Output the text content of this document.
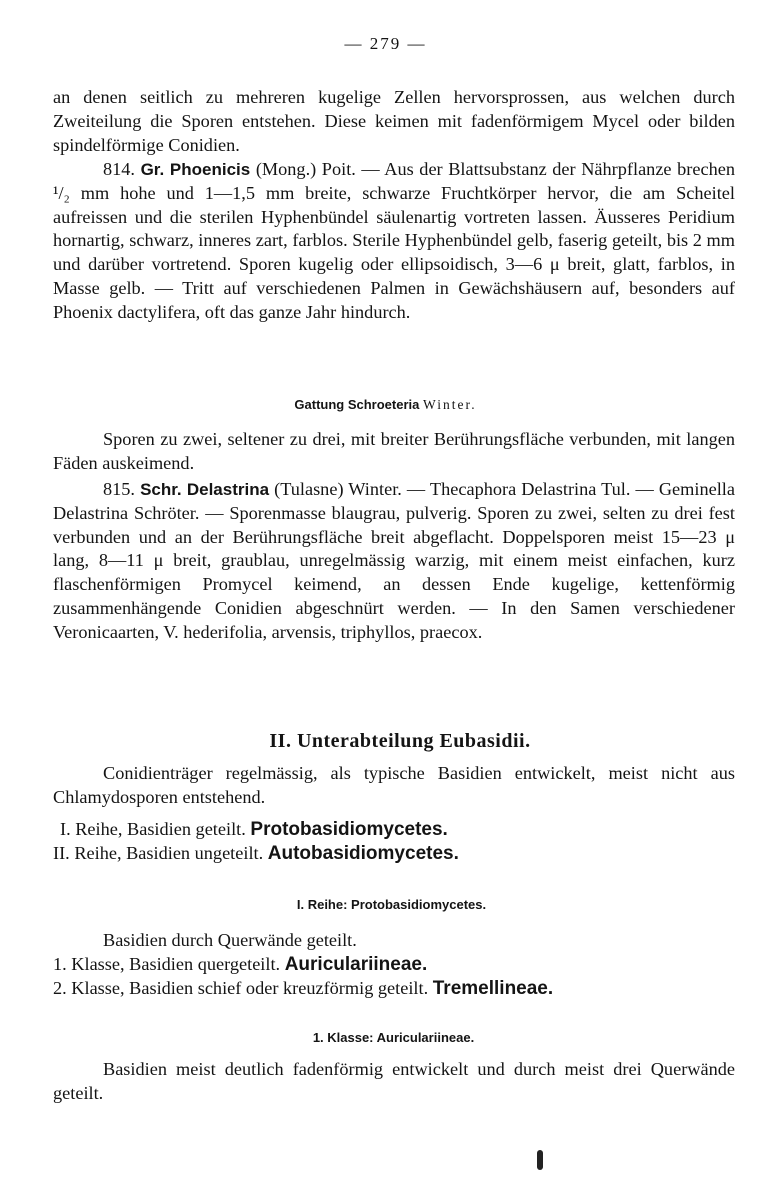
— 279 —

an denen seitlich zu mehreren kugelige Zellen hervorsprossen, aus welchen durch Zweiteilung die Sporen entstehen. Diese keimen mit fadenförmigem Mycel oder bilden spindelförmige Conidien.

814. Gr. Phoenicis (Mong.) Poit. — Aus der Blattsubstanz der Nährpflanze brechen ¹/₂ mm hohe und 1—1,5 mm breite, schwarze Fruchtkörper hervor, die am Scheitel aufreissen und die sterilen Hyphenbündel säulenartig vortreten lassen. Äusseres Peridium hornartig, schwarz, inneres zart, farblos. Sterile Hyphenbündel gelb, faserig geteilt, bis 2 mm und darüber vortretend. Sporen kugelig oder ellipsoidisch, 3—6 μ breit, glatt, farblos, in Masse gelb. — Tritt auf verschiedenen Palmen in Gewächshäusern auf, besonders auf Phoenix dactylifera, oft das ganze Jahr hindurch.

Gattung Schroeteria Winter.

Sporen zu zwei, seltener zu drei, mit breiter Berührungsfläche verbunden, mit langen Fäden auskeimend.

815. Schr. Delastrina (Tulasne) Winter. — Thecaphora Delastrina Tul. — Geminella Delastrina Schröter. — Sporenmasse blaugrau, pulverig. Sporen zu zwei, selten zu drei fest verbunden und an der Berührungsfläche breit abgeflacht. Doppelsporen meist 15—23 μ lang, 8—11 μ breit, graublau, unregelmässig warzig, mit einem meist einfachen, kurz flaschenförmigen Promycel keimend, an dessen Ende kugelige, kettenförmig zusammenhängende Conidien abgeschnürt werden. — In den Samen verschiedener Veronicaarten, V. hederifolia, arvensis, triphyllos, praecox.

II. Unterabteilung Eubasidii.

Conidienträger regelmässig, als typische Basidien entwickelt, meist nicht aus Chlamydosporen entstehend.

I. Reihe, Basidien geteilt. Protobasidiomycetes.
II. Reihe, Basidien ungeteilt. Autobasidiomycetes.
I. Reihe: Protobasidiomycetes.
Basidien durch Querwände geteilt.
1. Klasse, Basidien quergeteilt. Auriculariineae.
2. Klasse, Basidien schief oder kreuzförmig geteilt. Tremellineae.
1. Klasse: Auriculariineae.

Basidien meist deutlich fadenförmig entwickelt und durch meist drei Querwände geteilt.
